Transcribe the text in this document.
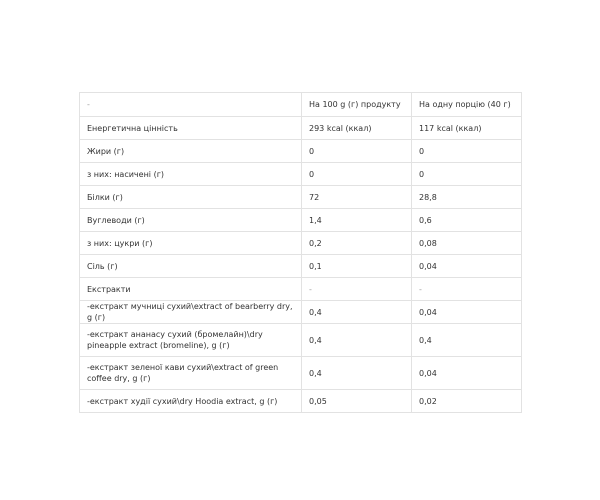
-	На 100 g (г) продукту	На одну порцію (40 г)
Енергетична цінність	293 kcal (ккал)	117 kcal (ккал)
Жири (г)	0	0
з них: насичені (г)	0	0
Білки (г)	72	28,8
Вуглеводи (г)	1,4	0,6
з них: цукри (г)	0,2	0,08
Сіль (г)	0,1	0,04
Екстракти	-	-
-екстракт мучниці сухий\extract of bearberry dry, g (г)	0,4	0,04
-екстракт ананасу сухий (бромелайн)\dry pineapple extract (bromeline), g (г)	0,4	0,4
-екстракт зеленої кави сухий\extract of green coffee dry, g (г)	0,4	0,04
-екстракт худії сухий\dry Hoodia extract, g (г)	0,05	0,02
